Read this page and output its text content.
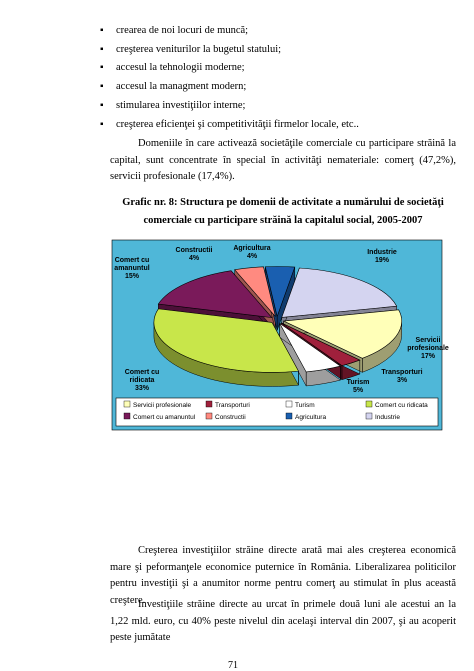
▪ crearea de noi locuri de muncă;
▪ creşterea veniturilor la bugetul statului;
▪ accesul la tehnologii moderne;
▪ accesul la managment modern;
▪ stimularea investiţiilor interne;
▪ creşterea eficienţei şi competitivităţii firmelor locale, etc..

Domeniile în care activează societăţile comerciale cu participare străină la capital, sunt concentrate în special în activităţi nemateriale: comerţ (47,2%), servicii profesionale (17,4%).

Grafic nr. 8: Structura pe domenii de activitate a numărului de societăţi
comerciale cu participare străină la capitalul social, 2005-2007
Industrie 19%
Servicii profesionale 17%
Transporturi 3%
Turism 5%
Comert cu ridicata 33%
Comert cu amanuntul 15%
Constructii 4%
Agricultura 4%
Servicii profesionale	Transporturi	Turism	Comert cu ridicata
Comert cu amanuntul	Constructii	Agricultura	Industrie

Creşterea investiţiilor străine directe arată mai ales creşterea economică mare şi peformanţele economice puternice în România. Liberalizarea politicilor pentru investiţii şi a anumitor norme pentru comerţ au stimulat în plus această creştere.

Investiţiile străine directe au urcat în primele două luni ale acestui an la 1,22 mld. euro, cu 40% peste nivelul din acelaşi interval din 2007, şi au acoperit peste jumătate

71
